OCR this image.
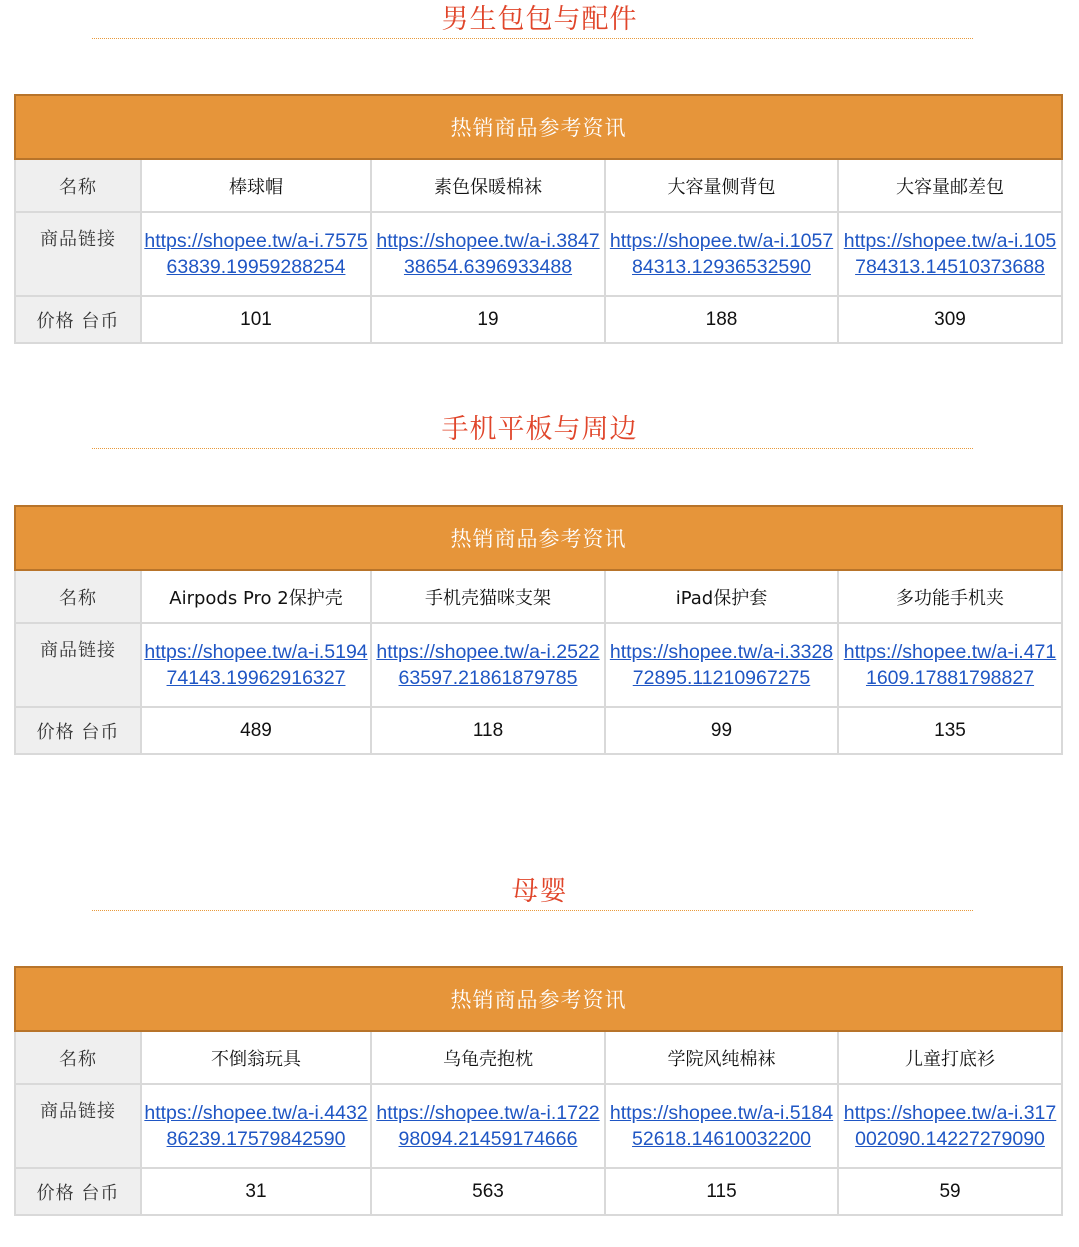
男生包包与配件
热销商品参考资讯				
名称	棒球帽	素色保暖棉袜	大容量侧背包	大容量邮差包
商品链接	https://shopee.tw/a-i.757563839.19959288254	https://shopee.tw/a-i.384738654.6396933488	https://shopee.tw/a-i.105784313.12936532590	https://shopee.tw/a-i.105784313.14510373688

价格 台币	101	19	188	309
手机平板与周边
热销商品参考资讯				
名称	Airpods Pro 2保护壳	手机壳猫咪支架	iPad保护套	多功能手机夹
商品链接	https://shopee.tw/a-i.519474143.19962916327	https://shopee.tw/a-i.252263597.21861879785	https://shopee.tw/a-i.332872895.11210967275	https://shopee.tw/a-i.4711609.17881798827

价格 台币	489	118	99	135
母婴
热销商品参考资讯				
名称	不倒翁玩具	乌龟壳抱枕	学院风纯棉袜	儿童打底衫
商品链接	https://shopee.tw/a-i.443286239.17579842590	https://shopee.tw/a-i.172298094.21459174666	https://shopee.tw/a-i.518452618.14610032200	https://shopee.tw/a-i.317002090.14227279090

价格 台币	31	563	115	59
